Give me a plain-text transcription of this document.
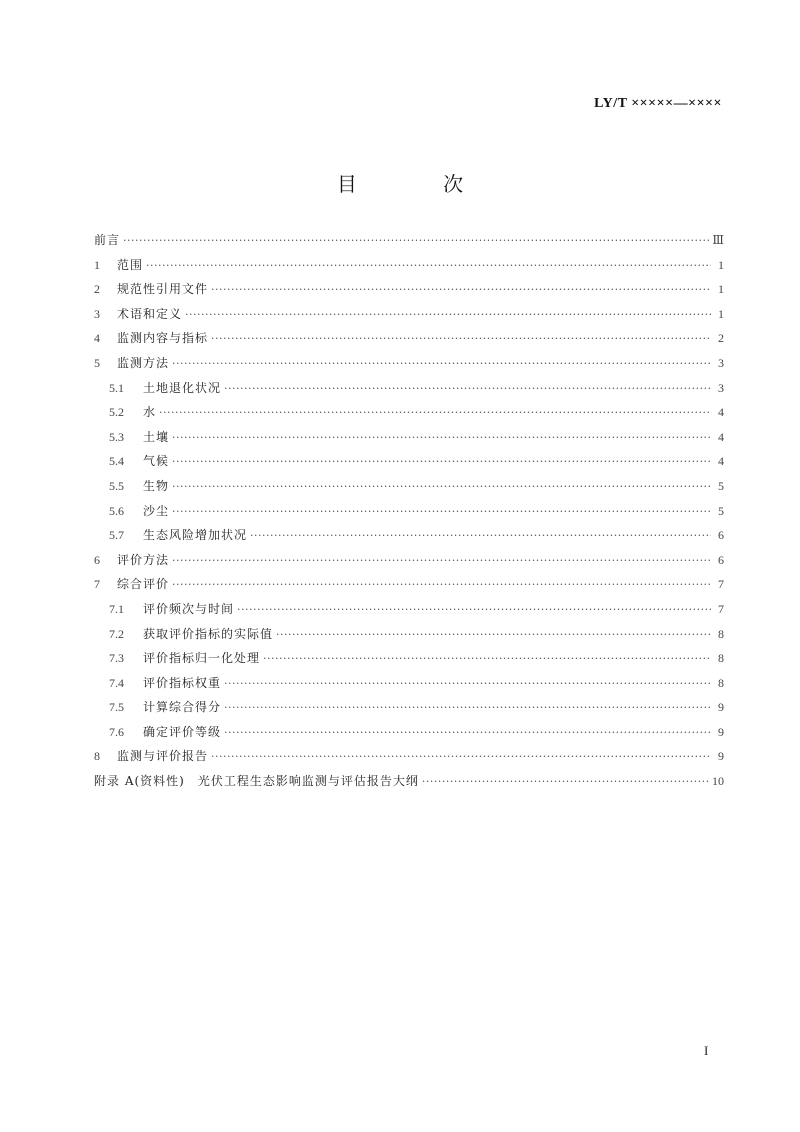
LY/T ×××××—××××
目 次
前言 ·····	Ⅲ
1	范围 ·····	1
2	规范性引用文件 ·····	1
3	术语和定义 ·····	1
4	监测内容与指标 ·····	2
5	监测方法 ·····	3
5.1	土地退化状况 ·····	3
5.2	水 ·····	4
5.3	土壤 ·····	4
5.4	气候 ·····	4
5.5	生物 ·····	5
5.6	沙尘 ·····	5
5.7	生态风险增加状况 ·····	6
6	评价方法 ·····	6
7	综合评价 ·····	7
7.1	评价频次与时间 ·····	7
7.2	获取评价指标的实际值 ·····	8
7.3	评价指标归一化处理 ·····	8
7.4	评价指标权重 ·····	8
7.5	计算综合得分 ·····	9
7.6	确定评价等级 ·····	9
8	监测与评价报告 ·····	9
附录 A(资料性)　光伏工程生态影响监测与评估报告大纲 ·····	10
I
